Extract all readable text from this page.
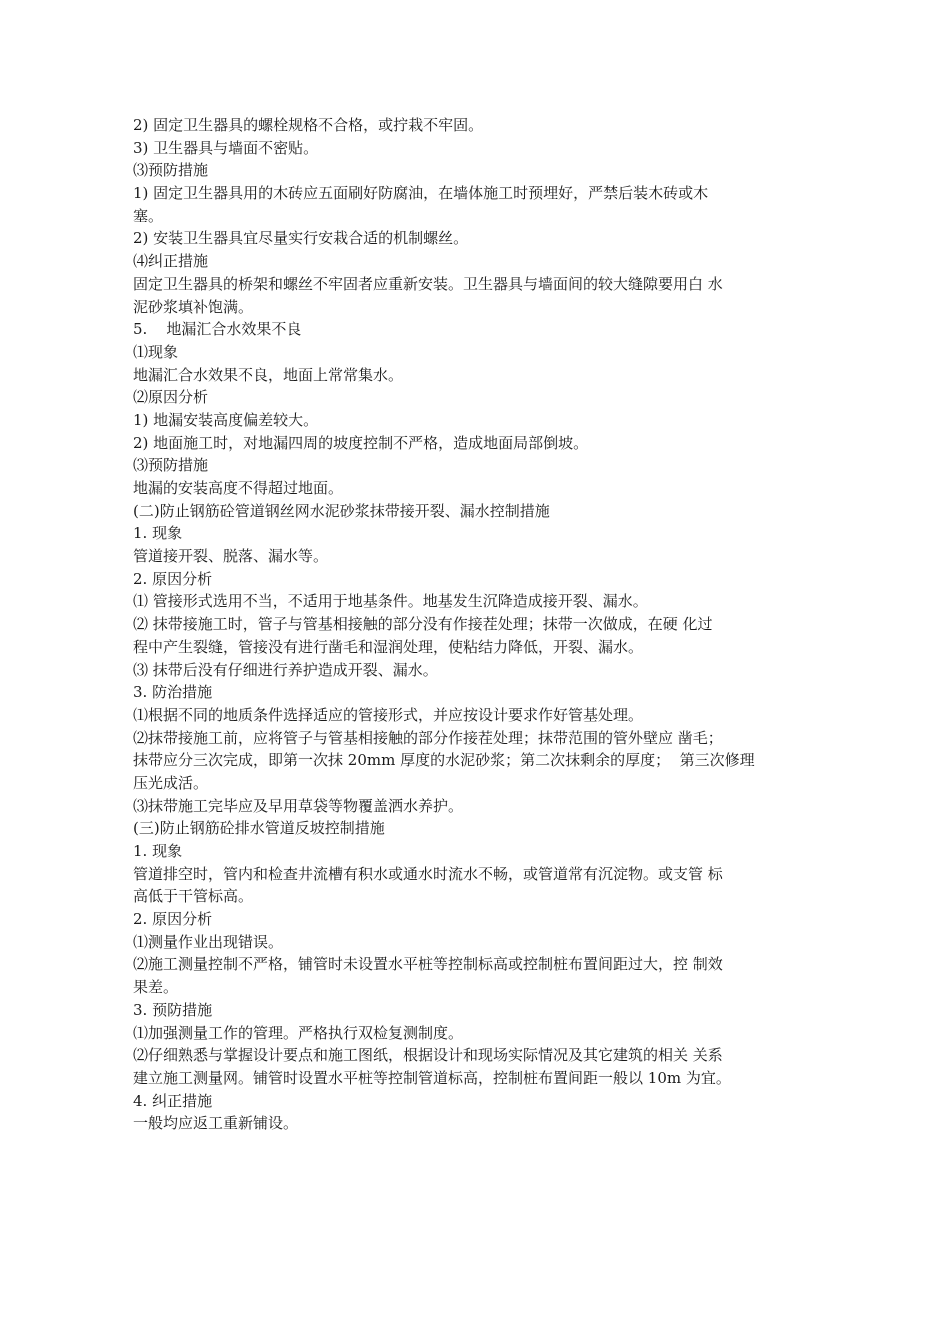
2) 固定卫生器具的螺栓规格不合格，或拧栽不牢固。
3) 卫生器具与墙面不密贴。
⑶预防措施
1) 固定卫生器具用的木砖应五面刷好防腐油，在墙体施工时预埋好，严禁后装木砖或木
塞。
2) 安装卫生器具宜尽量实行安栽合适的机制螺丝。
⑷纠正措施
固定卫生器具的桥架和螺丝不牢固者应重新安装。卫生器具与墙面间的较大缝隙要用白 水
泥砂浆填补饱满。
5.    地漏汇合水效果不良
⑴现象
地漏汇合水效果不良，地面上常常集水。
⑵原因分析
1) 地漏安装高度偏差较大。
2) 地面施工时，对地漏四周的坡度控制不严格，造成地面局部倒坡。
⑶预防措施
地漏的安装高度不得超过地面。
(二)防止钢筋砼管道钢丝网水泥砂浆抹带接开裂、漏水控制措施
1. 现象
管道接开裂、脱落、漏水等。
2. 原因分析
⑴ 管接形式选用不当，不适用于地基条件。地基发生沉降造成接开裂、漏水。
⑵ 抹带接施工时，管子与管基相接触的部分没有作接茬处理；抹带一次做成，在硬 化过
程中产生裂缝，管接没有进行凿毛和湿润处理，使粘结力降低，开裂、漏水。
⑶ 抹带后没有仔细进行养护造成开裂、漏水。
3. 防治措施
⑴根据不同的地质条件选择适应的管接形式，并应按设计要求作好管基处理。
⑵抹带接施工前，应将管子与管基相接触的部分作接茬处理；抹带范围的管外壁应 凿毛；
抹带应分三次完成，即第一次抹 20mm 厚度的水泥砂浆；第二次抹剩余的厚度；  第三次修理
压光成活。
⑶抹带施工完毕应及早用草袋等物覆盖洒水养护。
(三)防止钢筋砼排水管道反坡控制措施
1. 现象
管道排空时，管内和检查井流槽有积水或通水时流水不畅，或管道常有沉淀物。或支管 标
高低于干管标高。
2. 原因分析
⑴测量作业出现错误。
⑵施工测量控制不严格，铺管时未设置水平桩等控制标高或控制桩布置间距过大，控 制效
果差。
3. 预防措施
⑴加强测量工作的管理。严格执行双检复测制度。
⑵仔细熟悉与掌握设计要点和施工图纸，根据设计和现场实际情况及其它建筑的相关 关系
建立施工测量网。铺管时设置水平桩等控制管道标高，控制桩布置间距一般以 10m 为宜。
4. 纠正措施
一般均应返工重新铺设。
